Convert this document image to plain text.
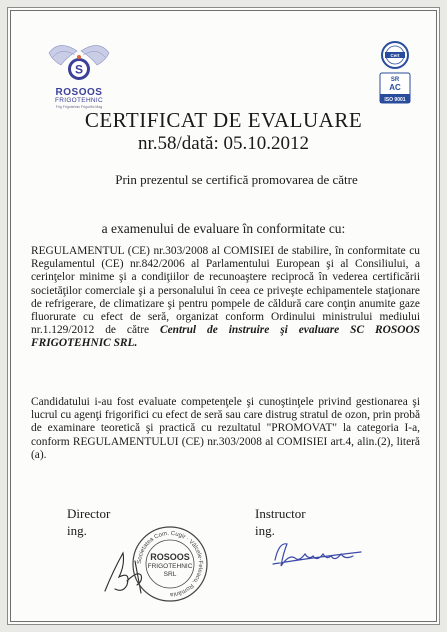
S
ROSOOS
FRIGOTEHNIC
Frig Frigotehnic Frigorific Mag
Cert
SR
AC
ISO 9001
CERTIFICAT DE EVALUARE
nr.58/dată: 05.10.2012
Prin prezentul se certifică promovarea de către
a examenului de evaluare în conformitate cu:
REGULAMENTUL (CE) nr.303/2008 al COMISIEI de stabilire, în conformitate cu Regulamentul (CE) nr.842/2006 al Parlamentului European şi al Consiliului, a cerinţelor minime şi a condiţiilor de recunoaştere reciprocă în vederea certificării societăţilor comerciale şi a personalului în ceea ce priveşte echipamentele staţionare de refrigerare, de climatizare şi pentru pompele de căldură care conţin anumite gaze fluorurate cu efect de seră, organizat conform Ordinului ministrului mediului nr.1.129/2012 de către Centrul de instruire şi evaluare SC ROSOOS FRIGOTEHNIC SRL.
Candidatului i-au fost evaluate competenţele şi cunoştinţele privind gestionarea şi lucrul cu agenţi frigorifici cu efect de seră sau care distrug stratul de ozon, prin probă de examinare teoretică şi practică cu rezultatul "PROMOVAT" la categoria I-a, conform REGULAMENTULUI (CE) nr.303/2008 al COMISIEI art.4, alin.(2), literă (a).
Director
ing.
Instructor
ing.
Societatea Com. Cugir · Vâlcele-Feleacu, România
ROSOOS
FRIGOTEHNIC
SRL
